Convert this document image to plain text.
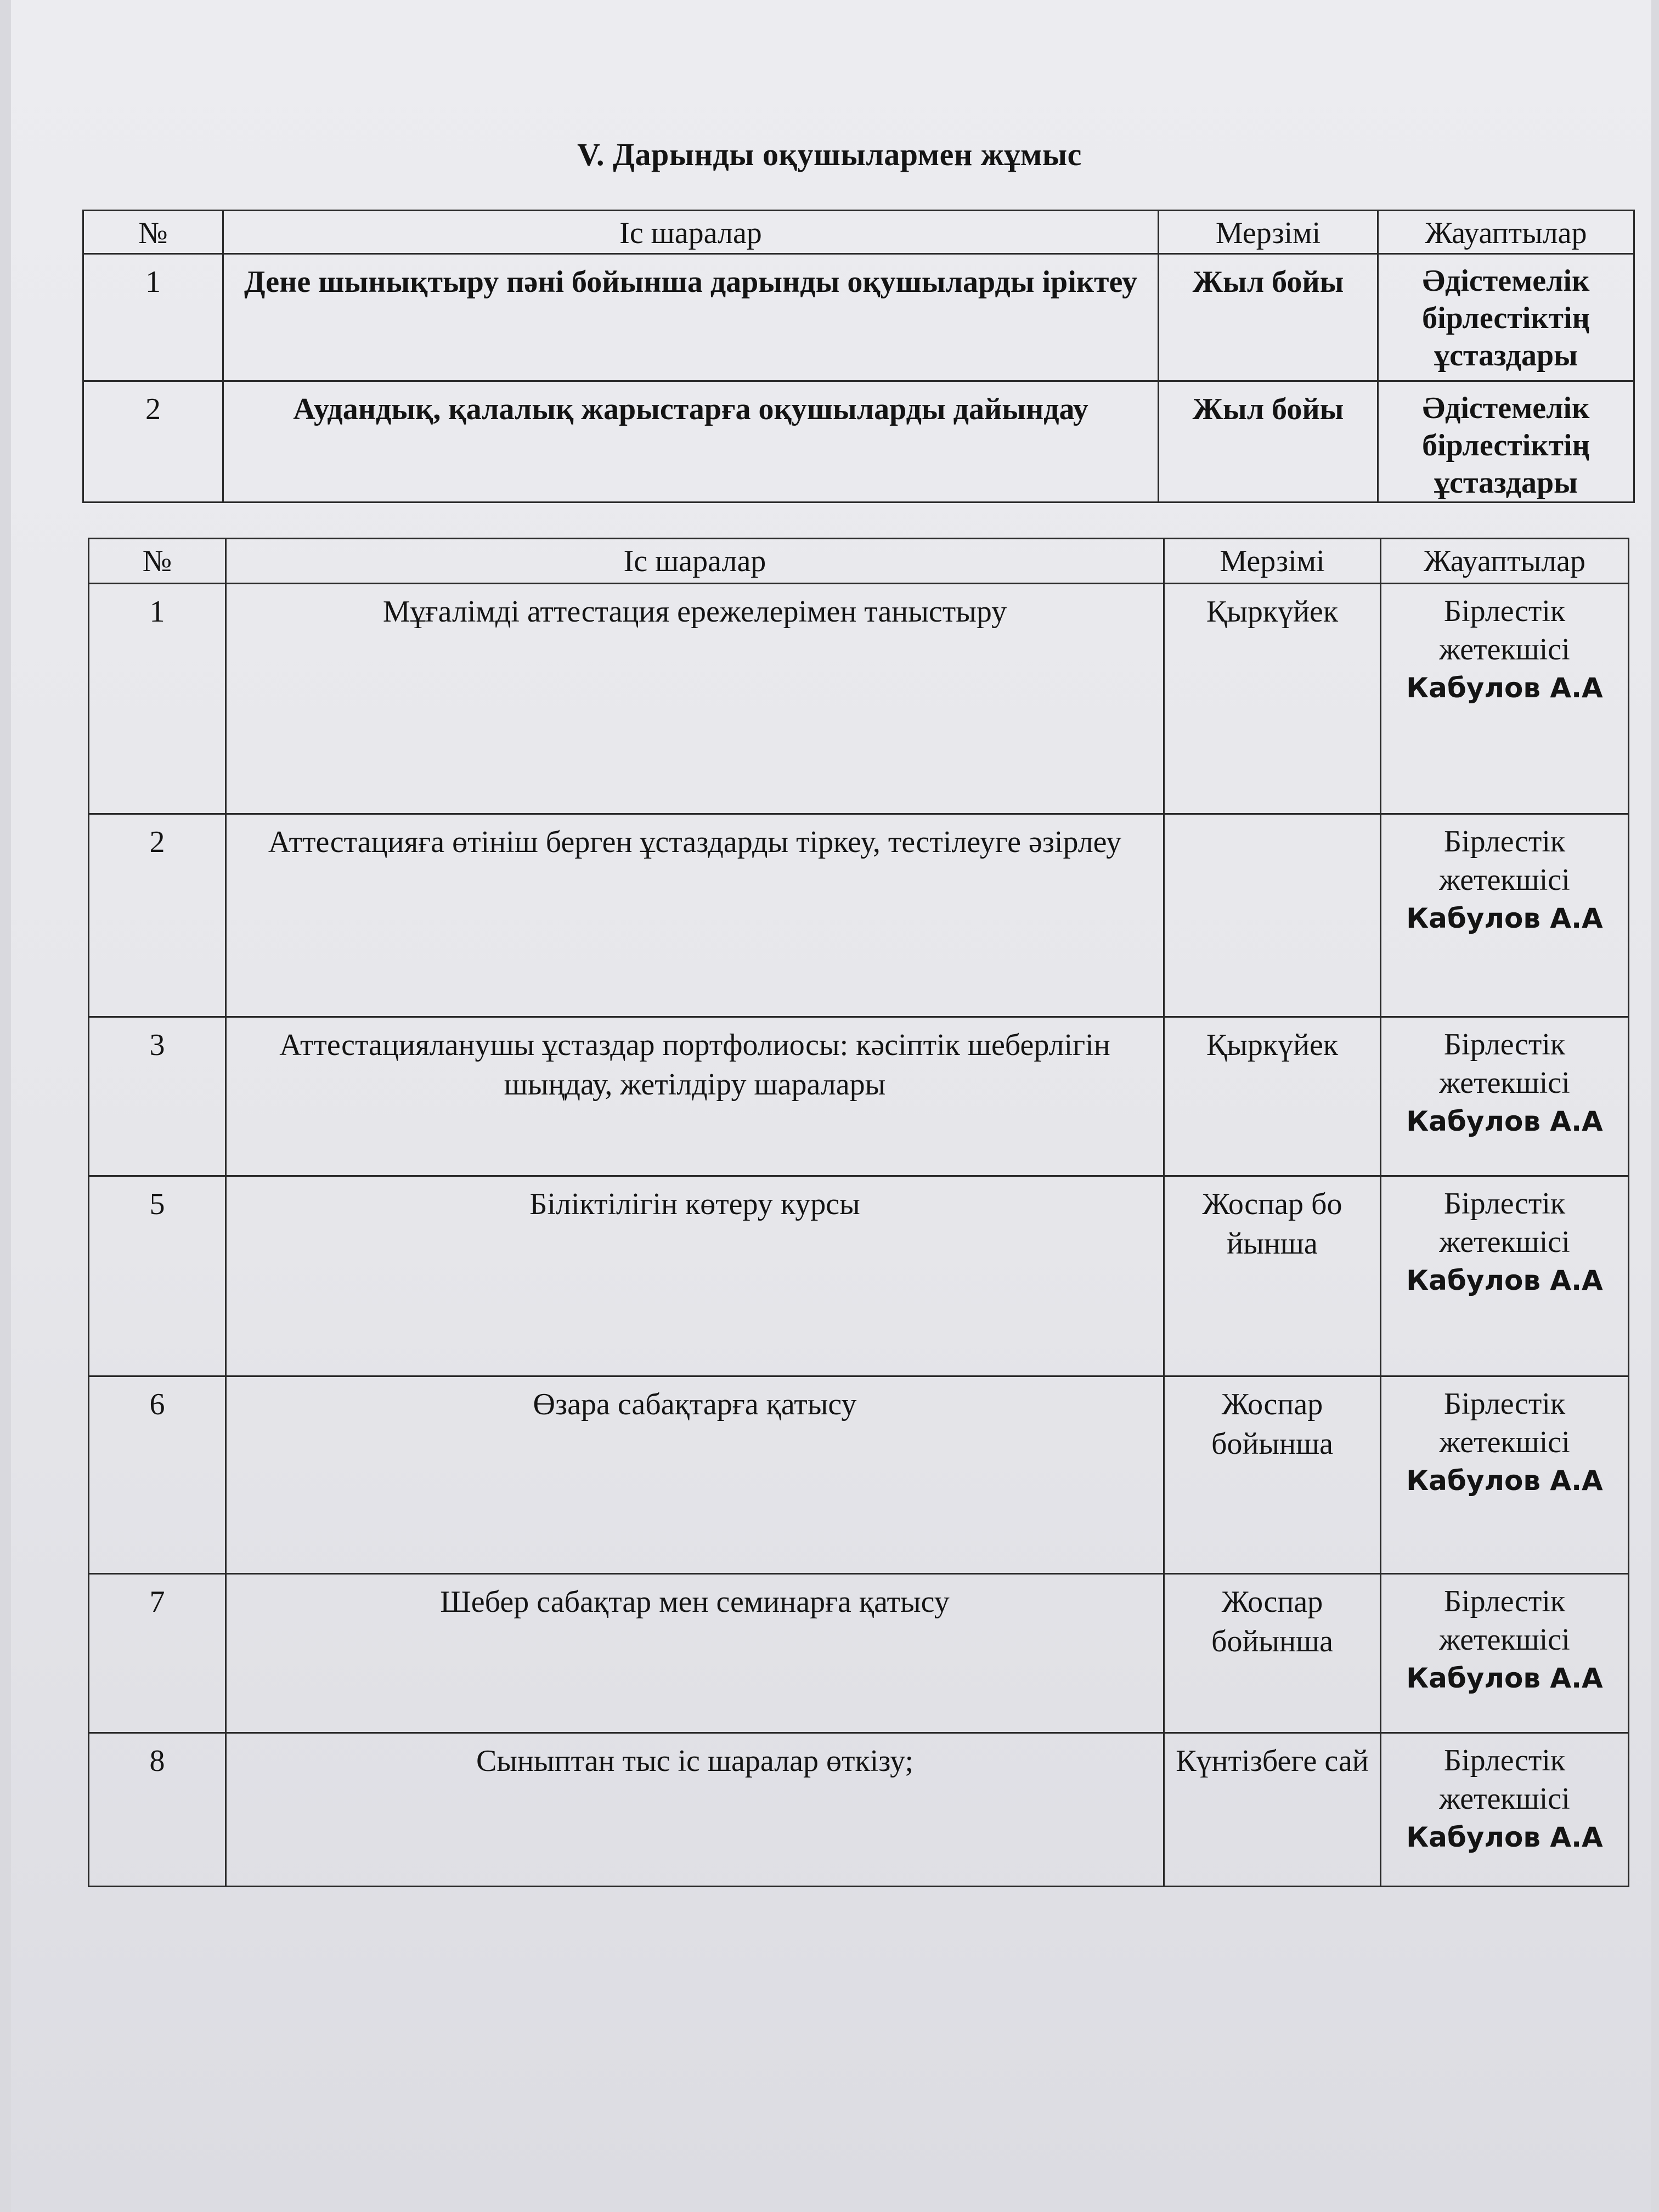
V. Дарынды оқушылармен жұмыс
№	Іс шаралар	Мерзімі	Жауаптылар
1	Дене шынықтыру пәні бойынша дарынды оқушыларды іріктеу	Жыл бойы	Әдістемелік бірлестіктің ұстаздары
2	Аудандық, қалалық жарыстарға оқушыларды дайындау	Жыл бойы	Әдістемелік бірлестіктің ұстаздары
№	Іс шаралар	Мерзімі	Жауаптылар
1	Мұғалімді аттестация ережелерімен таныстыру	Қыркүйек	Бірлестік жетекшісі
Кабулов А.А

2	Аттестацияға өтініш берген ұстаздарды тіркеу, тестілеуге әзірлеу		Бірлестік жетекшісі
Кабулов А.А

3	Аттестацияланушы ұстаздар портфолиосы: кәсіптік шеберлігін шыңдау, жетілдіру шаралары	Қыркүйек	Бірлестік жетекшісі
Кабулов А.А

5	Біліктілігін көтеру курсы	Жоспар бо йынша	Бірлестік жетекшісі
Кабулов А.А

6	Өзара сабақтарға қатысу	Жоспар бойынша	Бірлестік жетекшісі
Кабулов А.А

7	Шебер сабақтар мен семинарға қатысу	Жоспар бойынша	Бірлестік жетекшісі
Кабулов А.А

8	Сыныптан тыс іс шаралар өткізу;	Күнтізбеге сай	Бірлестік жетекшісі
Кабулов А.А
